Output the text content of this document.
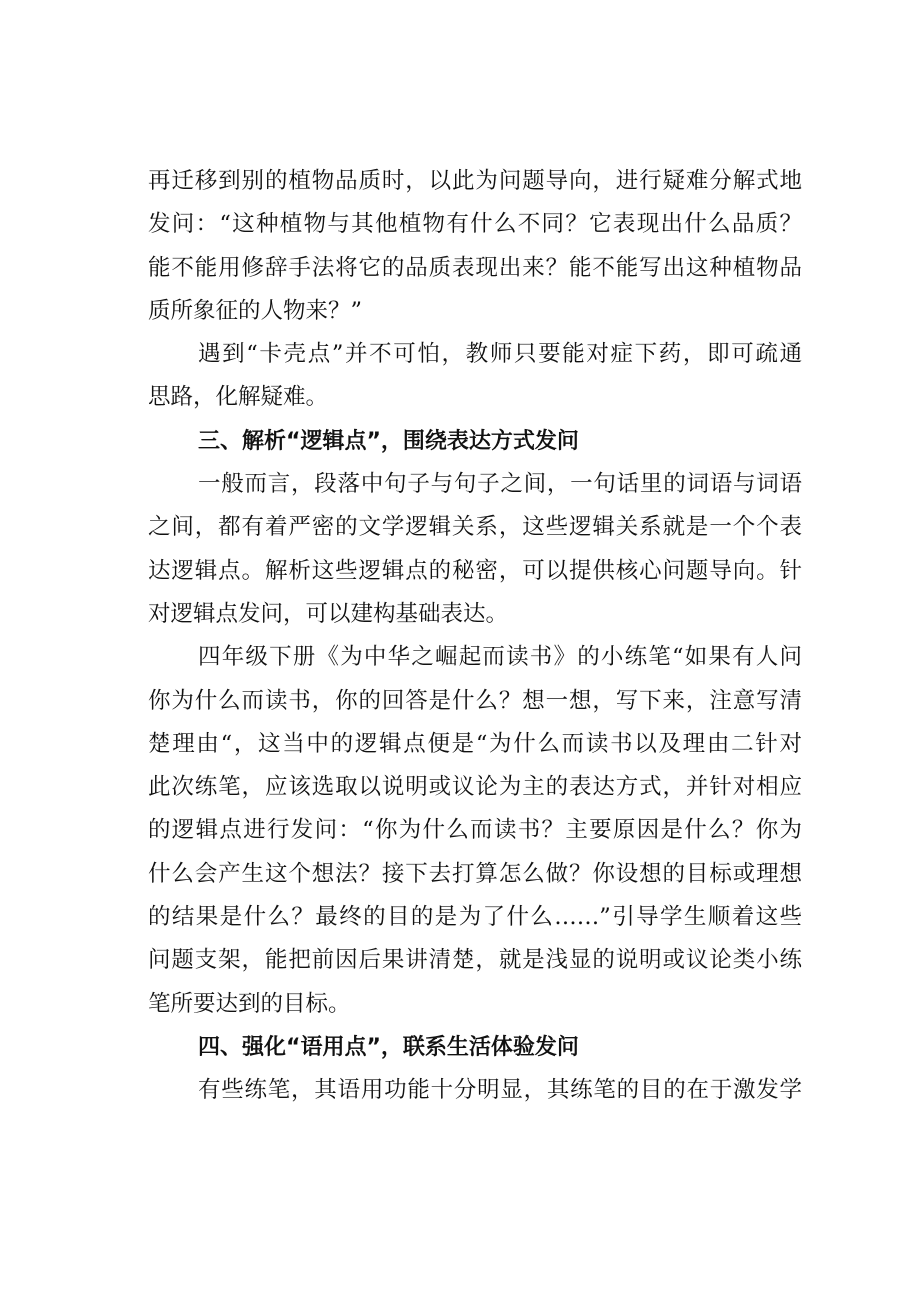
再迁移到别的植物品质时，以此为问题导向，进行疑难分解式地
发问：“这种植物与其他植物有什么不同？它表现出什么品质？
能不能用修辞手法将它的品质表现出来？能不能写出这种植物品
质所象征的人物来？”
遇到“卡壳点”并不可怕，教师只要能对症下药，即可疏通
思路，化解疑难。
三、解析“逻辑点”，围绕表达方式发问
一般而言，段落中句子与句子之间，一句话里的词语与词语
之间，都有着严密的文学逻辑关系，这些逻辑关系就是一个个表
达逻辑点。解析这些逻辑点的秘密，可以提供核心问题导向。针
对逻辑点发问，可以建构基础表达。
四年级下册《为中华之崛起而读书》的小练笔“如果有人问
你为什么而读书，你的回答是什么？想一想，写下来，注意写清
楚理由“，这当中的逻辑点便是“为什么而读书以及理由二针对
此次练笔，应该选取以说明或议论为主的表达方式，并针对相应
的逻辑点进行发问：“你为什么而读书？主要原因是什么？你为
什么会产生这个想法？接下去打算怎么做？你设想的目标或理想
的结果是什么？最终的目的是为了什么……”引导学生顺着这些
问题支架，能把前因后果讲清楚，就是浅显的说明或议论类小练
笔所要达到的目标。
四、强化“语用点”，联系生活体验发问
有些练笔，其语用功能十分明显，其练笔的目的在于激发学
